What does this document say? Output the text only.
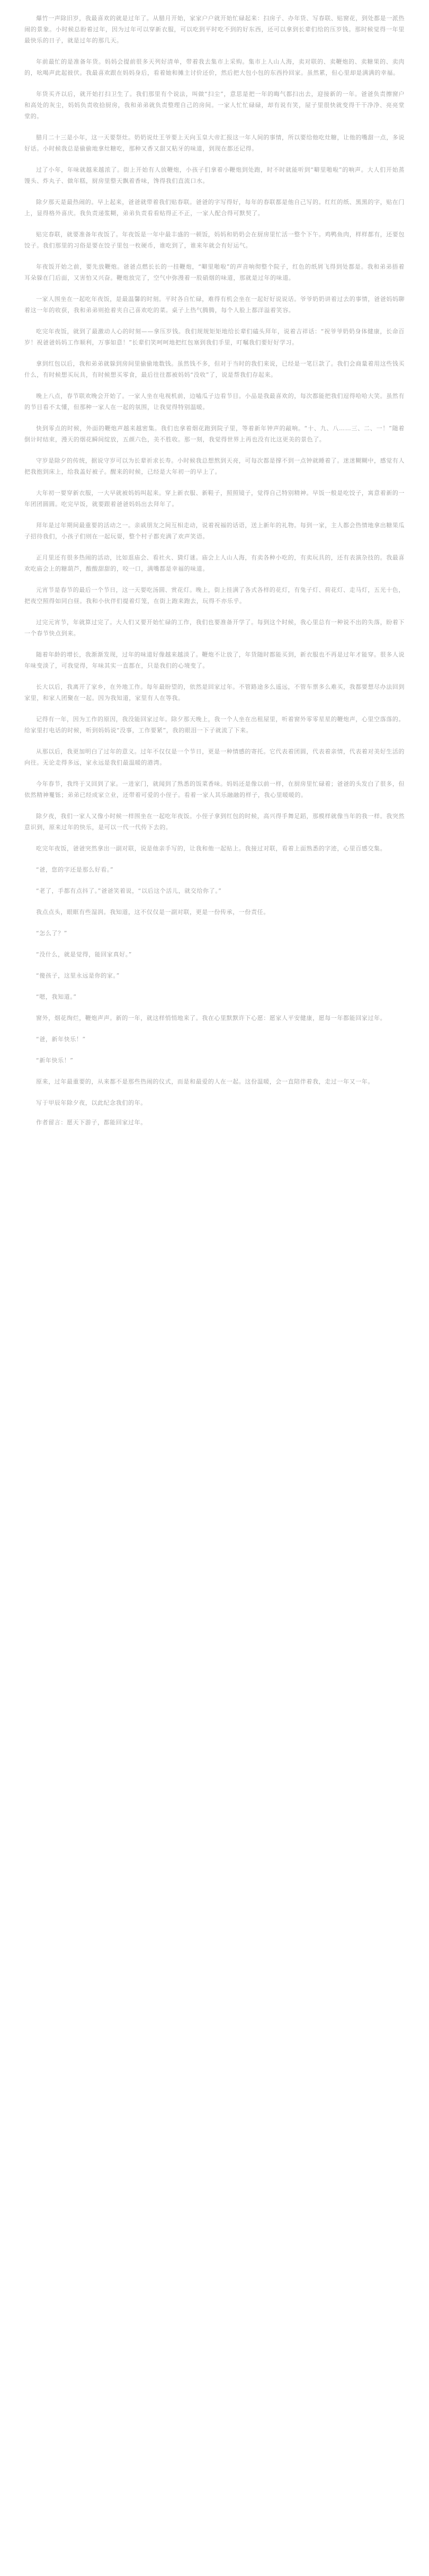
爆竹一声除旧岁，我最喜欢的就是过年了。从腊月开始，家家户户就开始忙碌起来：扫房子、办年货、写春联、贴窗花，到处都是一派热闹的景象。小时候总盼着过年，因为过年可以穿新衣服，可以吃到平时吃不到的好东西，还可以拿到长辈们给的压岁钱。那时候觉得一年里最快乐的日子，就是过年的那几天。

年前最忙的是准备年货。妈妈会提前很多天列好清单，带着我去集市上采购。集市上人山人海，卖对联的、卖鞭炮的、卖糖果的、卖肉的，吆喝声此起彼伏。我最喜欢跟在妈妈身后，看着她和摊主讨价还价，然后把大包小包的东西拎回家。虽然累，但心里却是满满的幸福。

年货买齐以后，就开始打扫卫生了。我们那里有个说法，叫做“扫尘”，意思是把一年的晦气都扫出去，迎接新的一年。爸爸负责擦窗户和高处的灰尘，妈妈负责收拾厨房，我和弟弟就负责整理自己的房间。一家人忙忙碌碌，却有说有笑，屋子里很快就变得干干净净、亮亮堂堂的。

腊月二十三是小年，这一天要祭灶。奶奶说灶王爷要上天向玉皇大帝汇报这一年人间的事情，所以要给他吃灶糖，让他的嘴甜一点，多说好话。小时候我总是偷偷地拿灶糖吃，那种又香又甜又粘牙的味道，到现在都还记得。

过了小年，年味就越来越浓了。街上开始有人放鞭炮，小孩子们拿着小鞭炮到处跑，时不时就能听到“噼里啪啦”的响声。大人们开始蒸馒头、炸丸子、做年糕，厨房里整天飘着香味，馋得我们直流口水。

除夕那天是最热闹的。早上起来，爸爸就带着我们贴春联。爸爸的字写得好，每年的春联都是他自己写的。红红的纸、黑黑的字，贴在门上，显得格外喜庆。我负责递浆糊，弟弟负责看看贴得正不正，一家人配合得可默契了。

贴完春联，就要准备年夜饭了。年夜饭是一年中最丰盛的一顿饭，妈妈和奶奶会在厨房里忙活一整个下午。鸡鸭鱼肉，样样都有，还要包饺子。我们那里的习俗是要在饺子里包一枚硬币，谁吃到了，谁来年就会有好运气。

年夜饭开始之前，要先放鞭炮。爸爸点燃长长的一挂鞭炮，“噼里啪啦”的声音响彻整个院子，红色的纸屑飞得到处都是。我和弟弟捂着耳朵躲在门后面，又害怕又兴奋。鞭炮放完了，空气中弥漫着一股硝烟的味道，那就是过年的味道。

一家人围坐在一起吃年夜饭，是最温馨的时刻。平时各自忙碌，难得有机会坐在一起好好说说话。爷爷奶奶讲着过去的事情，爸爸妈妈聊着这一年的收获，我和弟弟则抢着夹自己喜欢吃的菜。桌子上热气腾腾，每个人脸上都洋溢着笑容。

吃完年夜饭，就到了最激动人心的时刻——拿压岁钱。我们规规矩矩地给长辈们磕头拜年，说着吉祥话：“祝爷爷奶奶身体健康，长命百岁！祝爸爸妈妈工作顺利，万事如意！”长辈们笑呵呵地把红包塞到我们手里，叮嘱我们要好好学习。

拿到红包以后，我和弟弟就躲到房间里偷偷地数钱。虽然钱不多，但对于当时的我们来说，已经是一笔巨款了。我们会商量着用这些钱买什么，有时候想买玩具，有时候想买零食，最后往往都被妈妈“没收”了，说是帮我们存起来。

晚上八点，春节联欢晚会开始了。一家人坐在电视机前，边嗑瓜子边看节目。小品是我最喜欢的，每次都能把我们逗得哈哈大笑。虽然有的节目看不太懂，但那种一家人在一起的氛围，让我觉得特别温暖。

快到零点的时候，外面的鞭炮声越来越密集。我们也拿着烟花跑到院子里，等着新年钟声的敲响。“十、九、八……三、二、一！”随着倒计时结束，漫天的烟花瞬间绽放，五颜六色，美不胜收。那一刻，我觉得世界上再也没有比这更美的景色了。

守岁是除夕的传统，据说守岁可以为长辈祈求长寿。小时候我总想熬到天亮，可每次都是撑不到一点钟就睡着了。迷迷糊糊中，感觉有人把我抱到床上，给我盖好被子。醒来的时候，已经是大年初一的早上了。

大年初一要穿新衣服，一大早就被妈妈叫起来。穿上新衣服、新鞋子，照照镜子，觉得自己特别精神。早饭一般是吃饺子，寓意着新的一年团团圆圆。吃完早饭，就要跟着爸爸妈妈出去拜年了。

拜年是过年期间最重要的活动之一。亲戚朋友之间互相走动，说着祝福的话语，送上新年的礼物。每到一家，主人都会热情地拿出糖果瓜子招待我们，小孩子们则在一起玩耍，整个村子都充满了欢声笑语。

正月里还有很多热闹的活动，比如逛庙会、看社火、猜灯谜。庙会上人山人海，有卖各种小吃的，有卖玩具的，还有表演杂技的。我最喜欢吃庙会上的糖葫芦，酸酸甜甜的，咬一口，满嘴都是幸福的味道。

元宵节是春节的最后一个节日，这一天要吃汤圆、赏花灯。晚上，街上挂满了各式各样的花灯，有兔子灯、荷花灯、走马灯，五光十色，把夜空照得如同白昼。我和小伙伴们提着灯笼，在街上跑来跑去，玩得不亦乐乎。

过完元宵节，年就算过完了。大人们又要开始忙碌的工作，我们也要准备开学了。每到这个时候，我心里总有一种说不出的失落，盼着下一个春节快点到来。

随着年龄的增长，我渐渐发现，过年的味道好像越来越淡了。鞭炮不让放了，年货随时都能买到，新衣服也不再是过年才能穿。很多人说年味变淡了，可我觉得，年味其实一直都在，只是我们的心境变了。

长大以后，我离开了家乡，在外地工作。每年最盼望的，依然是回家过年。不管路途多么遥远，不管车票多么难买，我都要想尽办法回到家里，和家人团聚在一起。因为我知道，家里有人在等我。

记得有一年，因为工作的原因，我没能回家过年。除夕那天晚上，我一个人坐在出租屋里，听着窗外零零星星的鞭炮声，心里空落落的。给家里打电话的时候，听到妈妈说“没事，工作要紧”，我的眼泪一下子就流了下来。

从那以后，我更加明白了过年的意义。过年不仅仅是一个节日，更是一种情感的寄托。它代表着团圆，代表着亲情，代表着对美好生活的向往。无论走得多远，家永远是我们最温暖的港湾。

今年春节，我终于又回到了家。一进家门，就闻到了熟悉的饭菜香味。妈妈还是像以前一样，在厨房里忙碌着；爸爸的头发白了很多，但依然精神矍铄；弟弟已经成家立业，还带着可爱的小侄子。看着一家人其乐融融的样子，我心里暖暖的。

除夕夜，我们一家人又像小时候一样围坐在一起吃年夜饭。小侄子拿到红包的时候，高兴得手舞足蹈，那模样就像当年的我一样。我突然意识到，原来过年的快乐，是可以一代一代传下去的。

吃完年夜饭，爸爸突然拿出一副对联，说是他亲手写的，让我和他一起贴上。我接过对联，看着上面熟悉的字迹，心里百感交集。

“爸，您的字还是那么好看。”

“老了，手都有点抖了。”爸爸笑着说，“以后这个活儿，就交给你了。”

我点点头，眼眶有些湿润。我知道，这不仅仅是一副对联，更是一份传承，一份责任。

“怎么了？”

“没什么，就是觉得，能回家真好。”

“傻孩子，这里永远是你的家。”

“嗯，我知道。”

窗外，烟花绚烂，鞭炮声声。新的一年，就这样悄悄地来了。我在心里默默许下心愿：愿家人平安健康，愿每一年都能回家过年。

“爸，新年快乐！”

“新年快乐！”

原来，过年最重要的，从来都不是那些热闹的仪式，而是和最爱的人在一起。这份温暖，会一直陪伴着我，走过一年又一年。

写于甲辰年除夕夜，以此纪念我们的年。

作者留言：愿天下游子，都能回家过年。
